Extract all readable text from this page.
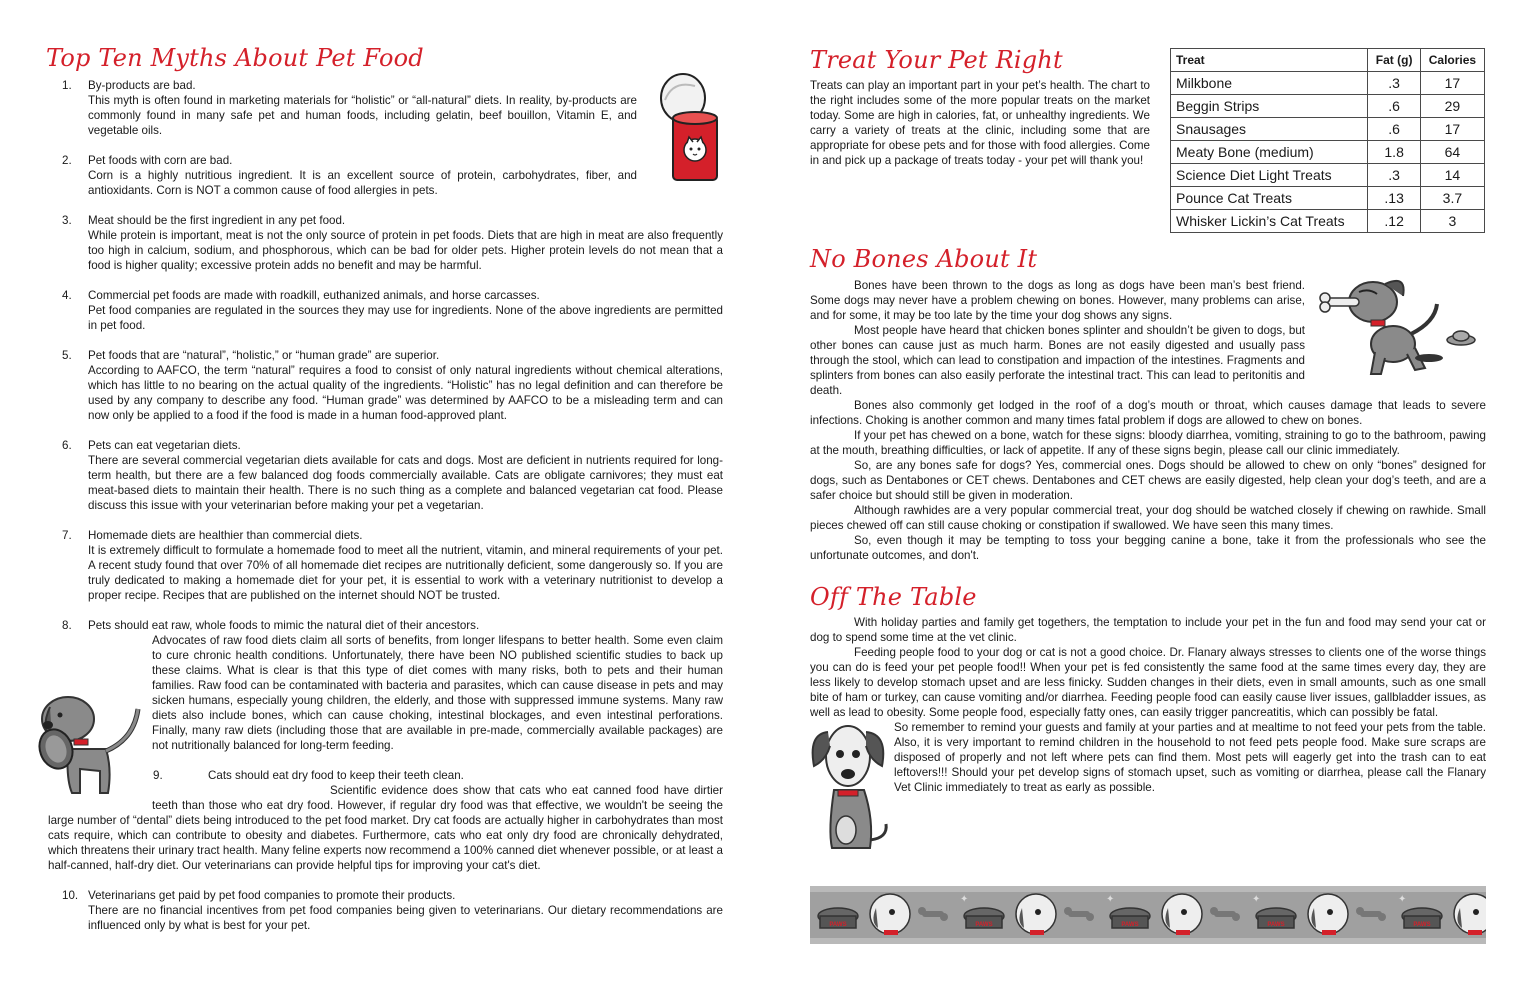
Top Ten Myths About Pet Food
1. By-products are bad.
This myth is often found in marketing materials for “holistic” or “all-natural” diets. In reality, by-products are commonly found in many safe pet and human foods, including gelatin, beef bouillon, Vitamin E, and vegetable oils.
2. Pet foods with corn are bad.
Corn is a highly nutritious ingredient. It is an excellent source of protein, carbohydrates, fiber, and antioxidants. Corn is NOT a common cause of food allergies in pets.
3. Meat should be the first ingredient in any pet food.
While protein is important, meat is not the only source of protein in pet foods. Diets that are high in meat are also frequently too high in calcium, sodium, and phosphorous, which can be bad for older pets. Higher protein levels do not mean that a food is higher quality; excessive protein adds no benefit and may be harmful.
4. Commercial pet foods are made with roadkill, euthanized animals, and horse carcasses.
Pet food companies are regulated in the sources they may use for ingredients. None of the above ingredients are permitted in pet food.
5. Pet foods that are “natural”, “holistic,” or “human grade” are superior.
According to AAFCO, the term “natural” requires a food to consist of only natural ingredients without chemical alterations, which has little to no bearing on the actual quality of the ingredients. “Holistic” has no legal definition and can therefore be used by any company to describe any food. “Human grade” was determined by AAFCO to be a misleading term and can now only be applied to a food if the food is made in a human food-approved plant.
6. Pets can eat vegetarian diets.
There are several commercial vegetarian diets available for cats and dogs. Most are deficient in nutrients required for long-term health, but there are a few balanced dog foods commercially available. Cats are obligate carnivores; they must eat meat-based diets to maintain their health. There is no such thing as a complete and balanced vegetarian cat food. Please discuss this issue with your veterinarian before making your pet a vegetarian.
7. Homemade diets are healthier than commercial diets.
It is extremely difficult to formulate a homemade food to meet all the nutrient, vitamin, and mineral requirements of your pet. A recent study found that over 70% of all homemade diet recipes are nutritionally deficient, some dangerously so. If you are truly dedicated to making a homemade diet for your pet, it is essential to work with a veterinary nutritionist to develop a proper recipe. Recipes that are published on the internet should NOT be trusted.
8. Pets should eat raw, whole foods to mimic the natural diet of their ancestors.
Advocates of raw food diets claim all sorts of benefits, from longer lifespans to better health. Some even claim to cure chronic health conditions. Unfortunately, there have been NO published scientific studies to back up these claims. What is clear is that this type of diet comes with many risks, both to pets and their human families. Raw food can be contaminated with bacteria and parasites, which can cause disease in pets and may sicken humans, especially young children, the elderly, and those with suppressed immune systems. Many raw diets also include bones, which can cause choking, intestinal blockages, and even intestinal perforations. Finally, many raw diets (including those that are available in pre-made, commercially available packages) are not nutritionally balanced for long-term feeding.
9.	Cats should eat dry food to keep their teeth clean.
Scientific evidence does show that cats who eat canned food have dirtier teeth than those who eat dry food. However, if regular dry food was that effective, we wouldn't be seeing the large number of “dental” diets being introduced to the pet food market. Dry cat foods are actually higher in carbohydrates than most cats require, which can contribute to obesity and diabetes. Furthermore, cats who eat only dry food are chronically dehydrated, which threatens their urinary tract health. Many feline experts now recommend a 100% canned diet whenever possible, or at least a half-canned, half-dry diet. Our veterinarians can provide helpful tips for improving your cat's diet.
10. Veterinarians get paid by pet food companies to promote their products.
There are no financial incentives from pet food companies being given to veterinarians. Our dietary recommendations are influenced only by what is best for your pet.
Treat Your Pet Right

Treats can play an important part in your pet’s health. The chart to the right includes some of the more popular treats on the market today. Some are high in calories, fat, or unhealthy ingredients. We carry a variety of treats at the clinic, including some that are appropriate for obese pets and for those with food allergies. Come in and pick up a package of treats today - your pet will thank you!

Treat	Fat (g)	Calories
Milkbone	.3	17
Beggin Strips	.6	29
Snausages	.6	17
Meaty Bone (medium)	1.8	64
Science Diet Light Treats	.3	14
Pounce Cat Treats	.13	3.7
Whisker Lickin’s Cat Treats	.12	3
No Bones About It

Bones have been thrown to the dogs as long as dogs have been man’s best friend. Some dogs may never have a problem chewing on bones. However, many problems can arise, and for some, it may be too late by the time your dog shows any signs.

Most people have heard that chicken bones splinter and shouldn’t be given to dogs, but other bones can cause just as much harm. Bones are not easily digested and usually pass through the stool, which can lead to constipation and impaction of the intestines. Fragments and splinters from bones can also easily perforate the intestinal tract. This can lead to peritonitis and death.

Bones also commonly get lodged in the roof of a dog’s mouth or throat, which causes damage that leads to severe infections. Choking is another common and many times fatal problem if dogs are allowed to chew on bones.

If your pet has chewed on a bone, watch for these signs: bloody diarrhea, vomiting, straining to go to the bathroom, pawing at the mouth, breathing difficulties, or lack of appetite. If any of these signs begin, please call our clinic immediately.

So, are any bones safe for dogs? Yes, commercial ones. Dogs should be allowed to chew on only “bones” designed for dogs, such as Dentabones or CET chews. Dentabones and CET chews are easily digested, help clean your dog’s teeth, and are a safer choice but should still be given in moderation.

Although rawhides are a very popular commercial treat, your dog should be watched closely if chewing on rawhide. Small pieces chewed off can still cause choking or constipation if swallowed. We have seen this many times.

So, even though it may be tempting to toss your begging canine a bone, take it from the professionals who see the unfortunate outcomes, and don't.

Off The Table

With holiday parties and family get togethers, the temptation to include your pet in the fun and food may send your cat or dog to spend some time at the vet clinic.

Feeding people food to your dog or cat is not a good choice. Dr. Flanary always stresses to clients one of the worse things you can do is feed your pet people food!! When your pet is fed consistently the same food at the same times every day, they are less likely to develop stomach upset and are less finicky. Sudden changes in their diets, even in small amounts, such as one small bite of ham or turkey, can cause vomiting and/or diarrhea. Feeding people food can easily cause liver issues, gallbladder issues, as well as lead to obesity. Some people food, especially fatty ones, can easily trigger pancreatitis, which can possibly be fatal.

So remember to remind your guests and family at your parties and at mealtime to not feed your pets from the table. Also, it is very important to remind children in the household to not feed pets people food. Make sure scraps are disposed of properly and not left where pets can find them. Most pets will eagerly get into the trash can to eat leftovers!!! Should your pet develop signs of stomach upset, such as vomiting or diarrhea, please call the Flanary Vet Clinic immediately to treat as early as possible.

PAWS
✦
